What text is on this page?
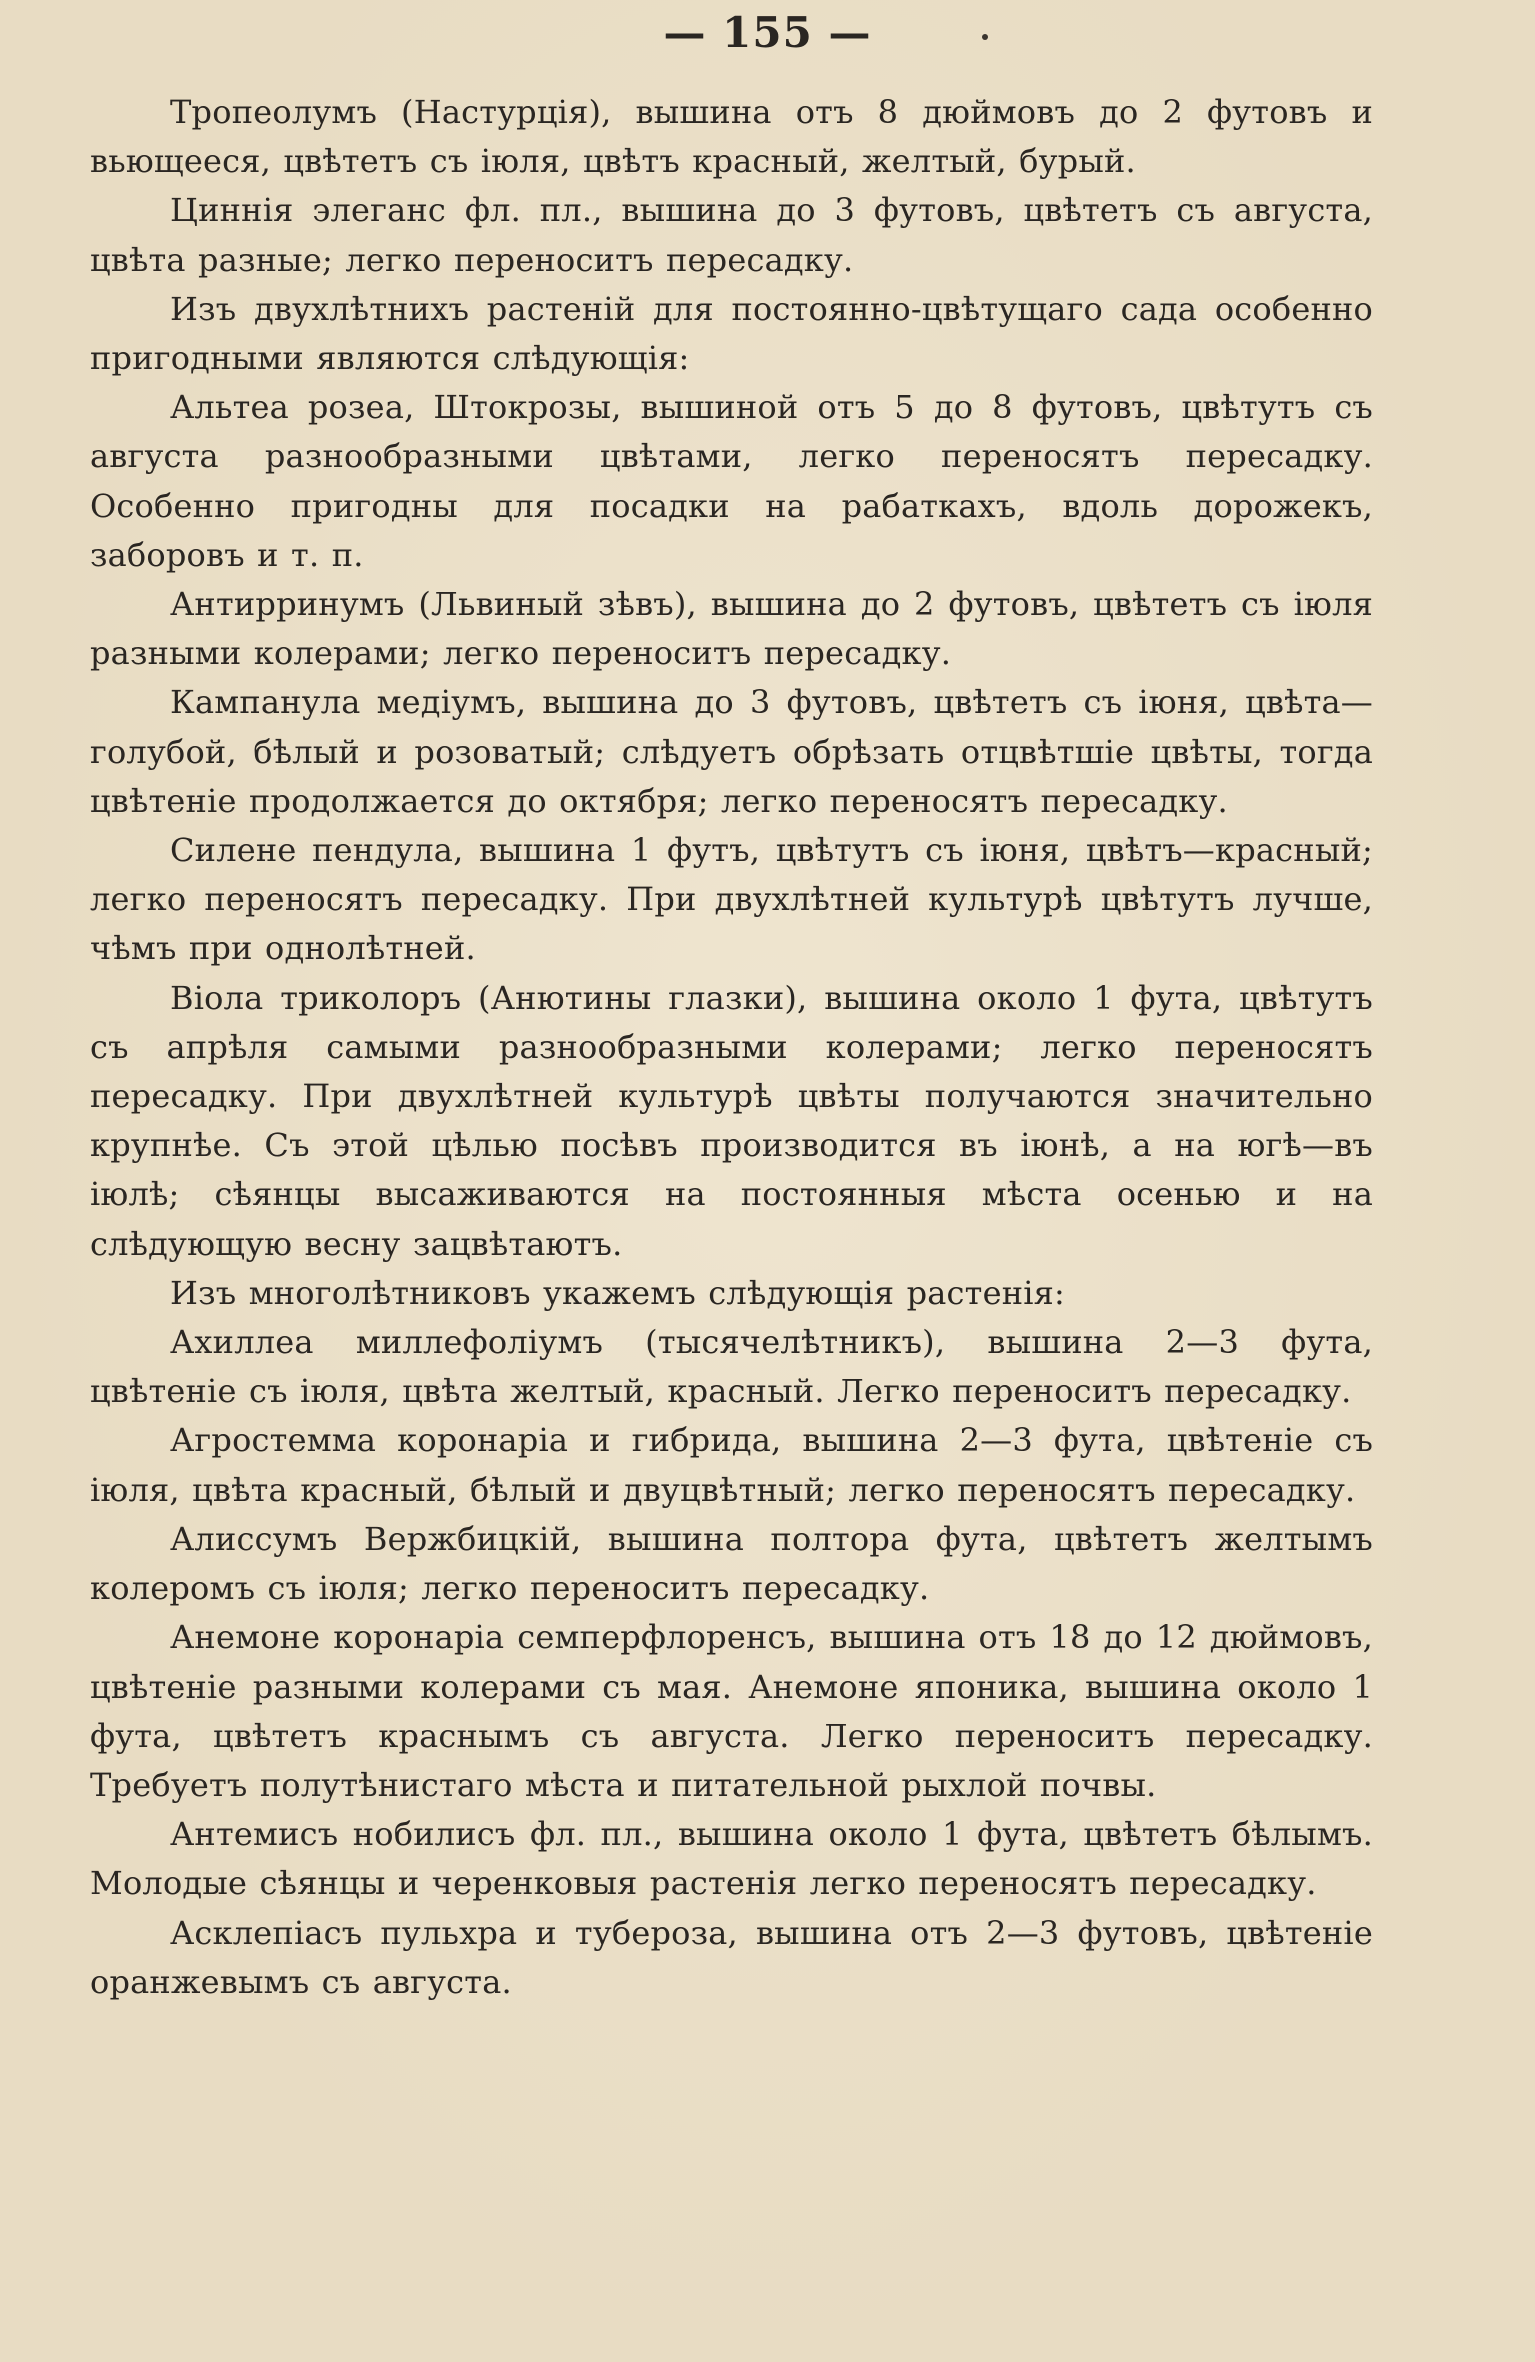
— 155 —

Тропеолумъ (Настурція), вышина отъ 8 дюймовъ до 2 футовъ и вьющееся, цвѣтетъ съ іюля, цвѣтъ красный, желтый, бурый.

Циннія элеганс фл. пл., вышина до 3 футовъ, цвѣтетъ съ августа, цвѣта разные; легко переноситъ пересадку.

Изъ двухлѣтнихъ растеній для постоянно-цвѣтущаго сада особенно пригодными являются слѣдующія:

Альтеа розеа, Штокрозы, вышиной отъ 5 до 8 футовъ, цвѣтутъ съ августа разнообразными цвѣтами, легко переносятъ пересадку. Особенно пригодны для посадки на рабаткахъ, вдоль дорожекъ, заборовъ и т. п.

Антирринумъ (Львиный зѣвъ), вышина до 2 футовъ, цвѣтетъ съ іюля разными колерами; легко переноситъ пересадку.

Кампанула медіумъ, вышина до 3 футовъ, цвѣтетъ съ іюня, цвѣта—голубой, бѣлый и розоватый; слѣдуетъ обрѣзать отцвѣтшіе цвѣты, тогда цвѣтеніе продолжается до октября; легко переносятъ пересадку.

Силене пендула, вышина 1 футъ, цвѣтутъ съ іюня, цвѣтъ—красный; легко переносятъ пересадку. При двухлѣтней культурѣ цвѣтутъ лучше, чѣмъ при однолѣтней.

Віола триколоръ (Анютины глазки), вышина около 1 фута, цвѣтутъ съ апрѣля самыми разнообразными колерами; легко переносятъ пересадку. При двухлѣтней культурѣ цвѣты получаются значительно крупнѣе. Съ этой цѣлью посѣвъ производится въ іюнѣ, а на югѣ—въ іюлѣ; сѣянцы высаживаются на постоянныя мѣста осенью и на слѣдующую весну зацвѣтаютъ.

Изъ многолѣтниковъ укажемъ слѣдующія растенія:

Ахиллеа миллефоліумъ (тысячелѣтникъ), вышина 2—3 фута, цвѣтеніе съ іюля, цвѣта желтый, красный. Легко переноситъ пересадку.

Агростемма коронаріа и гибрида, вышина 2—3 фута, цвѣтеніе съ іюля, цвѣта красный, бѣлый и двуцвѣтный; легко переносятъ пересадку.

Алиссумъ Вержбицкій, вышина полтора фута, цвѣтетъ желтымъ колеромъ съ іюля; легко переноситъ пересадку.

Анемоне коронаріа семперфлоренсъ, вышина отъ 18 до 12 дюймовъ, цвѣтеніе разными колерами съ мая. Анемоне японика, вышина около 1 фута, цвѣтетъ краснымъ съ августа. Легко переноситъ пересадку. Требуетъ полутѣнистаго мѣста и питательной рыхлой почвы.

Антемисъ нобилисъ фл. пл., вышина около 1 фута, цвѣтетъ бѣлымъ. Молодые сѣянцы и черенковыя растенія легко переносятъ пересадку.

Асклепіасъ пульхра и тубероза, вышина отъ 2—3 футовъ, цвѣтеніе оранжевымъ съ августа.
